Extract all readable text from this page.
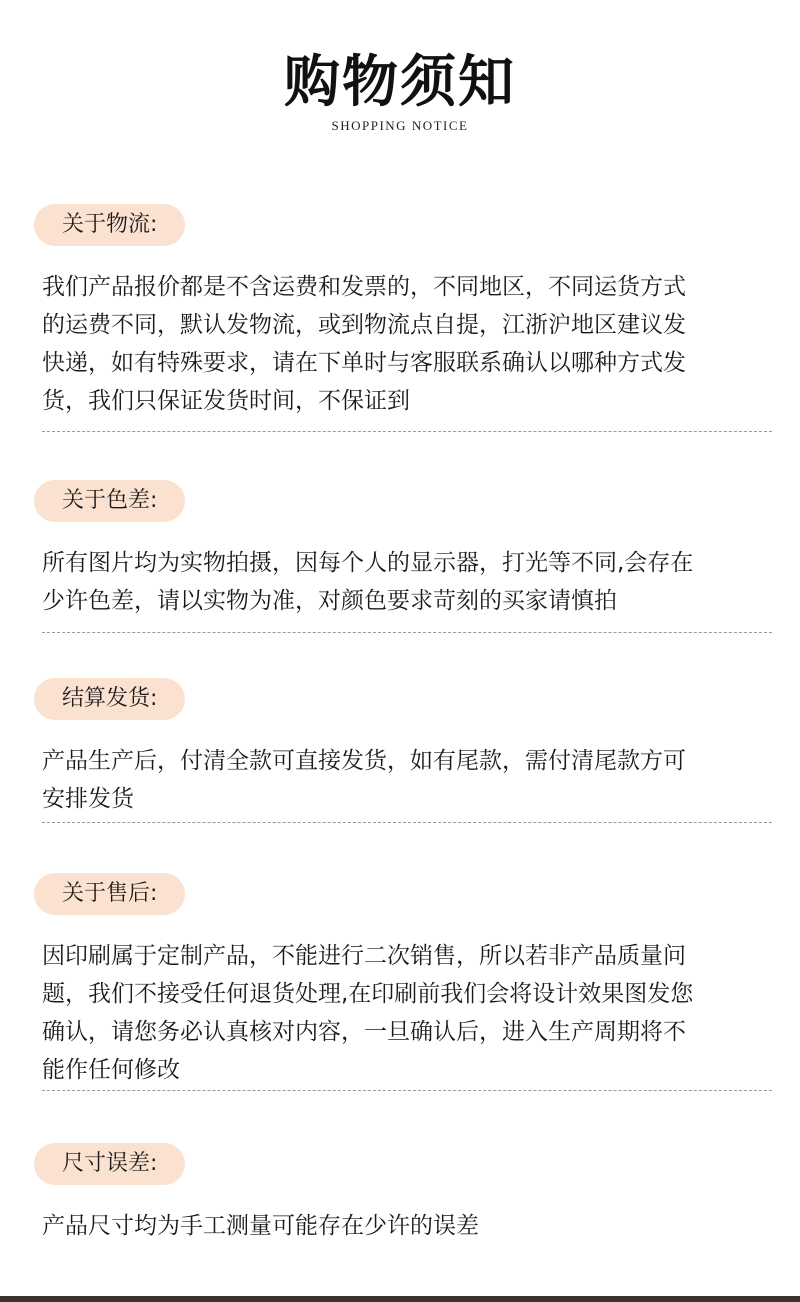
购物须知
SHOPPING NOTICE
关于物流:
我们产品报价都是不含运费和发票的，不同地区，不同运货方式
的运费不同，默认发物流，或到物流点自提，江浙沪地区建议发
快递，如有特殊要求，请在下单时与客服联系确认以哪种方式发
货，我们只保证发货时间，不保证到
关于色差:
所有图片均为实物拍摄，因每个人的显示器，打光等不同,会存在
少许色差，请以实物为准，对颜色要求苛刻的买家请慎拍
结算发货:
产品生产后，付清全款可直接发货，如有尾款，需付清尾款方可
安排发货
关于售后:
因印刷属于定制产品，不能进行二次销售，所以若非产品质量问
题，我们不接受任何退货处理,在印刷前我们会将设计效果图发您
确认，请您务必认真核对内容，一旦确认后，进入生产周期将不
能作任何修改
尺寸误差:
产品尺寸均为手工测量可能存在少许的误差
